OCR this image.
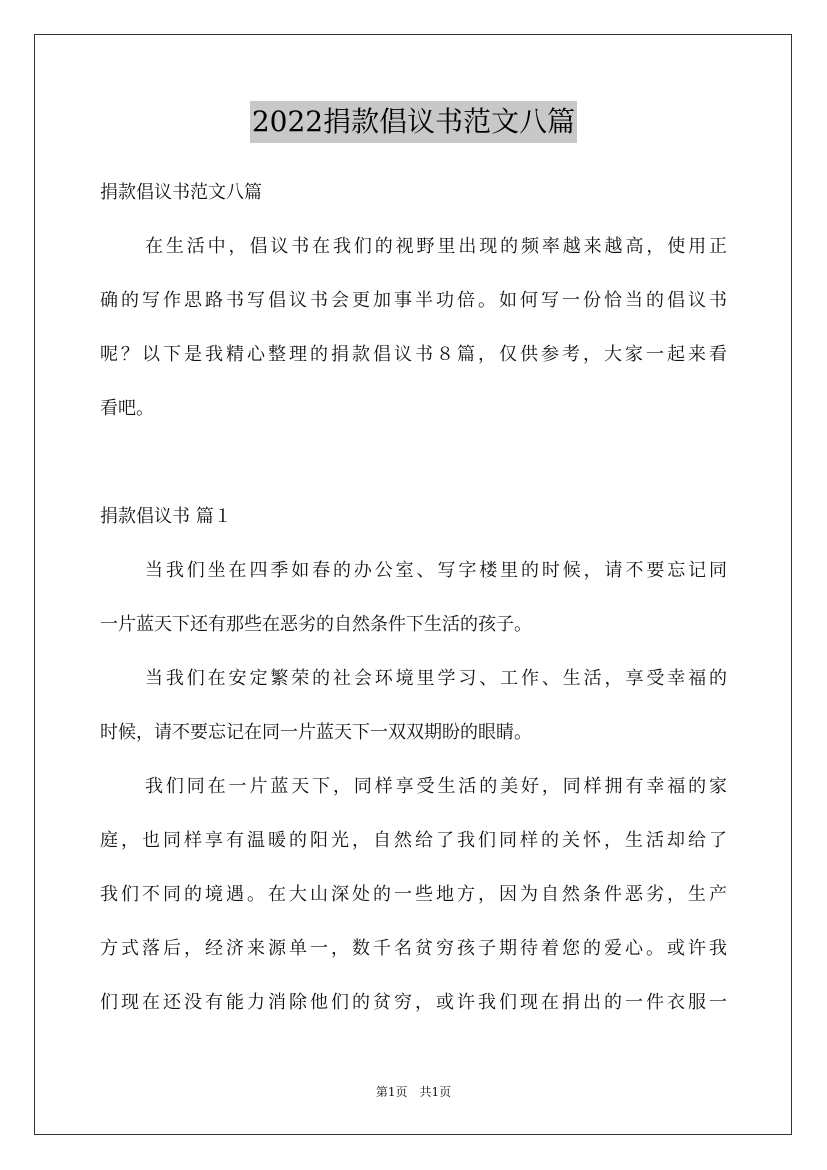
2022捐款倡议书范文八篇
捐款倡议书范文八篇
在生活中，倡议书在我们的视野里出现的频率越来越高，使用正
确的写作思路书写倡议书会更加事半功倍。如何写一份恰当的倡议书
呢？以下是我精心整理的捐款倡议书８篇，仅供参考，大家一起来看
看吧。
捐款倡议书 篇１
当我们坐在四季如春的办公室、写字楼里的时候，请不要忘记同
一片蓝天下还有那些在恶劣的自然条件下生活的孩子。
当我们在安定繁荣的社会环境里学习、工作、生活，享受幸福的
时候，请不要忘记在同一片蓝天下一双双期盼的眼睛。
我们同在一片蓝天下，同样享受生活的美好，同样拥有幸福的家
庭，也同样享有温暖的阳光，自然给了我们同样的关怀，生活却给了
我们不同的境遇。在大山深处的一些地方，因为自然条件恶劣，生产
方式落后，经济来源单一，数千名贫穷孩子期待着您的爱心。或许我
们现在还没有能力消除他们的贫穷，或许我们现在捐出的一件衣服一
第1页 共1页
